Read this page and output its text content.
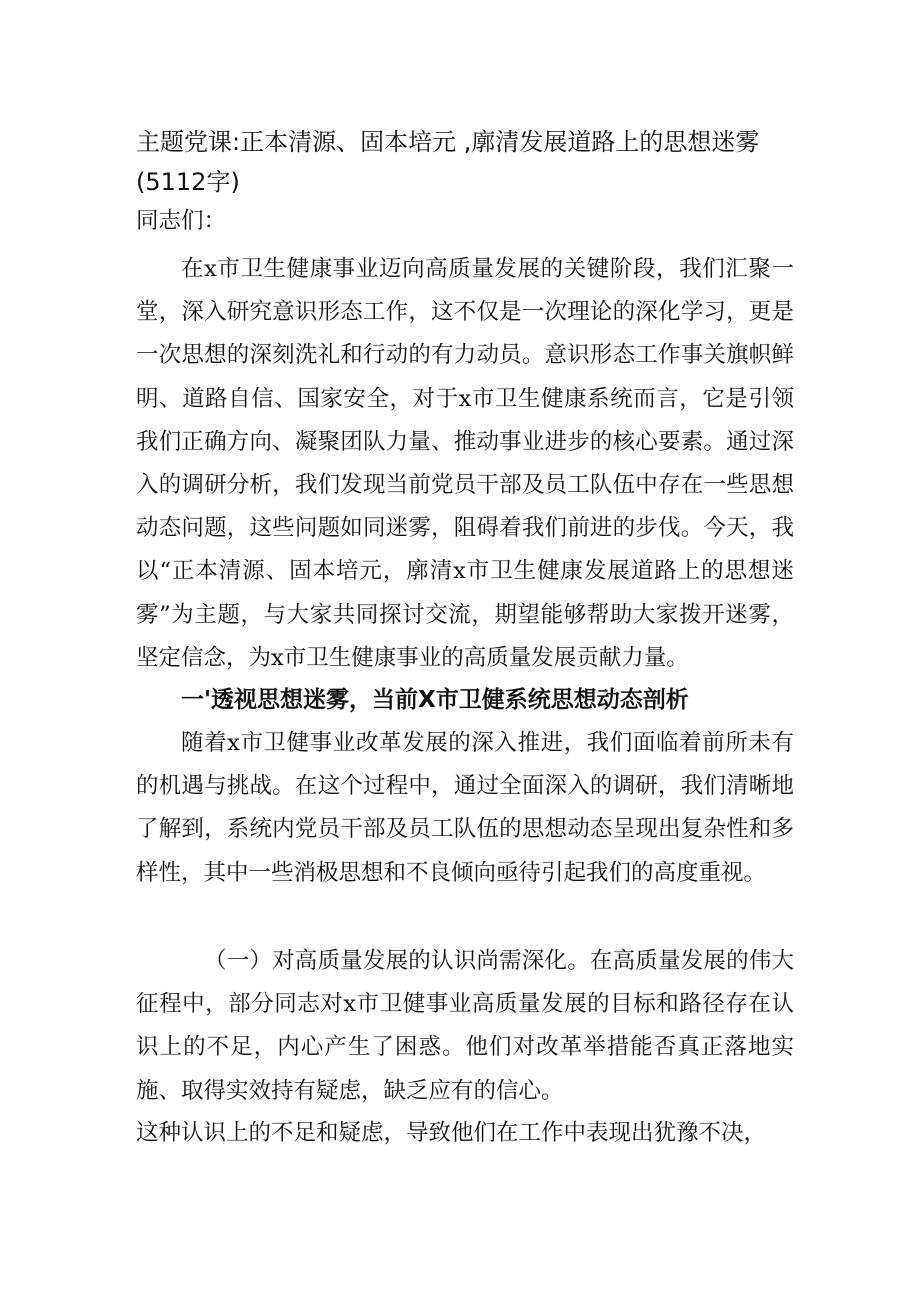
主题党课:正本清源、固本培元 ,廓清发展道路上的思想迷雾(5112字)

同志们：

在x市卫生健康事业迈向高质量发展的关键阶段，我们汇聚一堂，深入研究意识形态工作，这不仅是一次理论的深化学习，更是一次思想的深刻洗礼和行动的有力动员。意识形态工作事关旗帜鲜明、道路自信、国家安全，对于x市卫生健康系统而言，它是引领我们正确方向、凝聚团队力量、推动事业进步的核心要素。通过深入的调研分析，我们发现当前党员干部及员工队伍中存在一些思想动态问题，这些问题如同迷雾，阻碍着我们前进的步伐。今天，我以“正本清源、固本培元，廓清x市卫生健康发展道路上的思想迷雾”为主题，与大家共同探讨交流，期望能够帮助大家拨开迷雾，坚定信念，为x市卫生健康事业的高质量发展贡献力量。

一'透视思想迷雾，当前X市卫健系统思想动态剖析

随着x市卫健事业改革发展的深入推进，我们面临着前所未有的机遇与挑战。在这个过程中，通过全面深入的调研，我们清晰地了解到，系统内党员干部及员工队伍的思想动态呈现出复杂性和多样性，其中一些消极思想和不良倾向亟待引起我们的高度重视。

（一）对高质量发展的认识尚需深化。在高质量发展的伟大征程中，部分同志对x市卫健事业高质量发展的目标和路径存在认识上的不足，内心产生了困惑。他们对改革举措能否真正落地实施、取得实效持有疑虑，缺乏应有的信心。

这种认识上的不足和疑虑，导致他们在工作中表现出犹豫不决，
